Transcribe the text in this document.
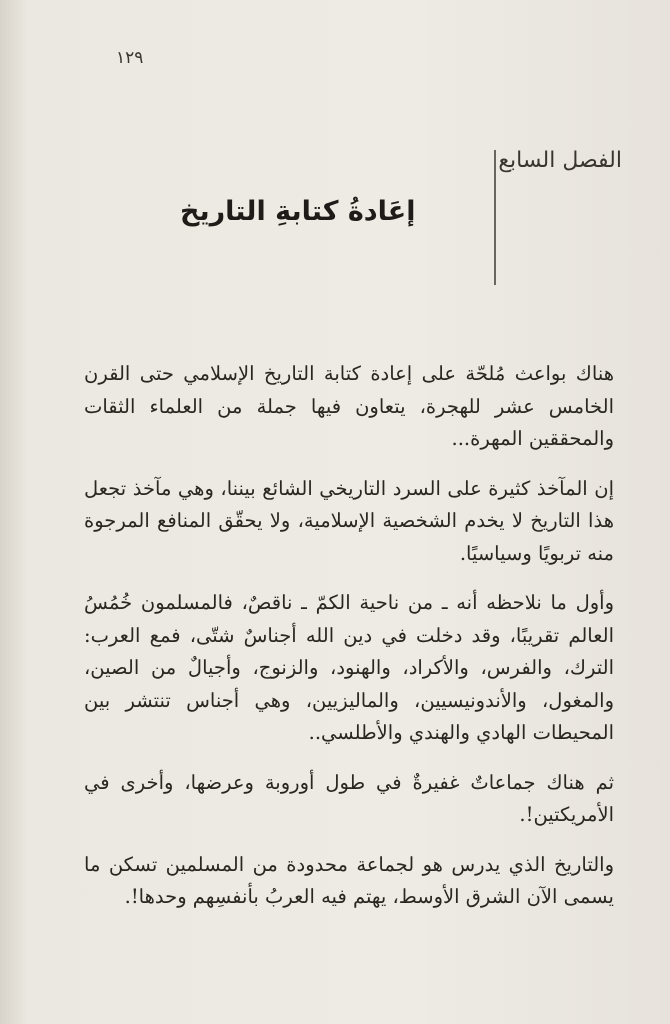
١٢٩
الفصل السابع
إعَادةُ كتابةِ التاريخ

هناك بواعث مُلحّة على إعادة كتابة التاريخ الإسلامي حتى القرن الخامس عشر للهجرة، يتعاون فيها جملة من العلماء الثقات والمحققين المهرة...

إن المآخذ كثيرة على السرد التاريخي الشائع بيننا، وهي مآخذ تجعل هذا التاريخ لا يخدم الشخصية الإسلامية، ولا يحقّق المنافع المرجوة منه تربويًا وسياسيًا.

وأول ما نلاحظه أنه ـ من ناحية الكمّ ـ ناقصٌ، فالمسلمون خُمُسُ العالم تقريبًا، وقد دخلت في دين الله أجناسٌ شتّى، فمع العرب: الترك، والفرس، والأكراد، والهنود، والزنوج، وأجيالٌ من الصين، والمغول، والأندونيسيين، والماليزيين، وهي أجناس تنتشر بين المحيطات الهادي والهندي والأطلسي..

ثم هناك جماعاتٌ غفيرةٌ في طول أوروبة وعرضها، وأخرى في الأمريكتين!.

والتاريخ الذي يدرس هو لجماعة محدودة من المسلمين تسكن ما يسمى الآن الشرق الأوسط، يهتم فيه العربُ بأنفسِهم وحدها!.
